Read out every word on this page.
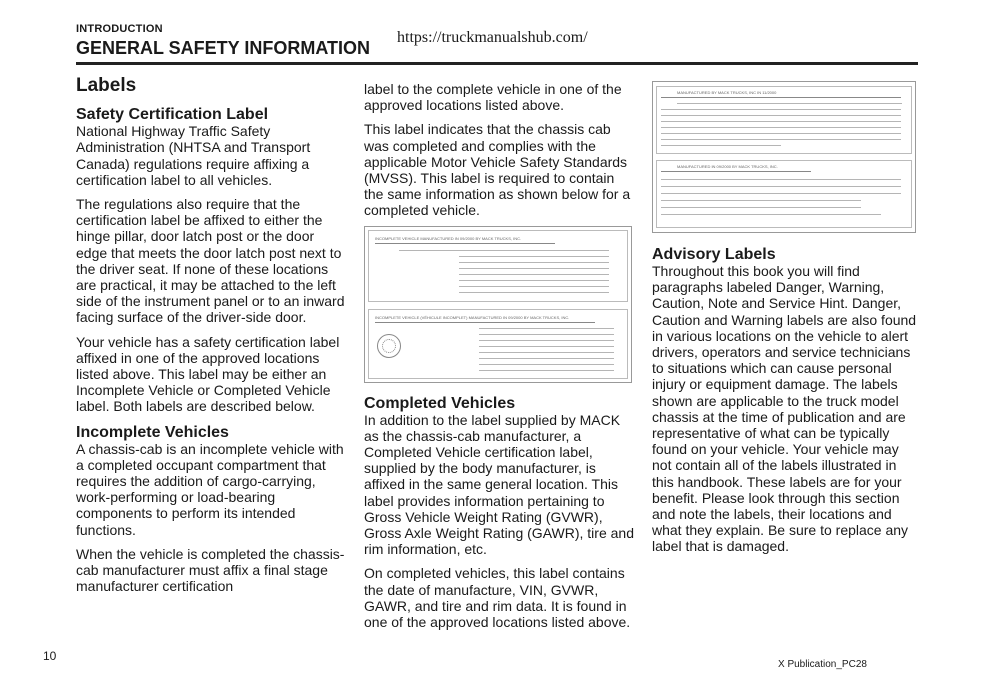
INTRODUCTION
GENERAL SAFETY INFORMATION
https://truckmanualshub.com/
Labels
Safety Certification Label

National Highway Traffic Safety Administration (NHTSA and Transport Canada) regulations require affixing a certification label to all vehicles.

The regulations also require that the certification label be affixed to either the hinge pillar, door latch post or the door edge that meets the door latch post next to the driver seat. If none of these locations are practical, it may be attached to the left side of the instrument panel or to an inward facing surface of the driver-side door.

Your vehicle has a safety certification label affixed in one of the approved locations listed above. This label may be either an Incomplete Vehicle or Completed Vehicle label. Both labels are described below.

Incomplete Vehicles

A chassis-cab is an incomplete vehicle with a completed occupant compartment that requires the addition of cargo-carrying, work-performing or load-bearing components to perform its intended functions.

When the vehicle is completed the chassis-cab manufacturer must affix a final stage manufacturer certification

label to the complete vehicle in one of the approved locations listed above.

This label indicates that the chassis cab was completed and complies with the applicable Motor Vehicle Safety Standards (MVSS). This label is required to contain the same information as shown below for a completed vehicle.

Completed Vehicles

In addition to the label supplied by MACK as the chassis-cab manufacturer, a Completed Vehicle certification label, supplied by the body manufacturer, is affixed in the same general location. This label provides information pertaining to Gross Vehicle Weight Rating (GVWR), Gross Axle Weight Rating (GAWR), tire and rim information, etc.

On completed vehicles, this label contains the date of manufacture, VIN, GVWR, GAWR, and tire and rim data. It is found in one of the approved locations listed above.

INCOMPLETE VEHICLE MANUFACTURED IN 09/2000 BY MACK TRUCKS, INC.
INCOMPLETE VEHICLE (VÉHICULE INCOMPLET) MANUFACTURED IN 09/2000 BY MACK TRUCKS, INC.
MANUFACTURED BY MACK TRUCKS, INC IN 11/2000
MANUFACTURED IN 09/2000 BY MACK TRUCKS, INC.
Advisory Labels

Throughout this book you will find paragraphs labeled Danger, Warning, Caution, Note and Service Hint. Danger, Caution and Warning labels are also found in various locations on the vehicle to alert drivers, operators and service technicians to situations which can cause personal injury or equipment damage. The labels shown are applicable to the truck model chassis at the time of publication and are representative of what can be typically found on your vehicle. Your vehicle may not contain all of the labels illustrated in this handbook. These labels are for your benefit. Please look through this section and note the labels, their locations and what they explain. Be sure to replace any label that is damaged.

10
X Publication_PC28
